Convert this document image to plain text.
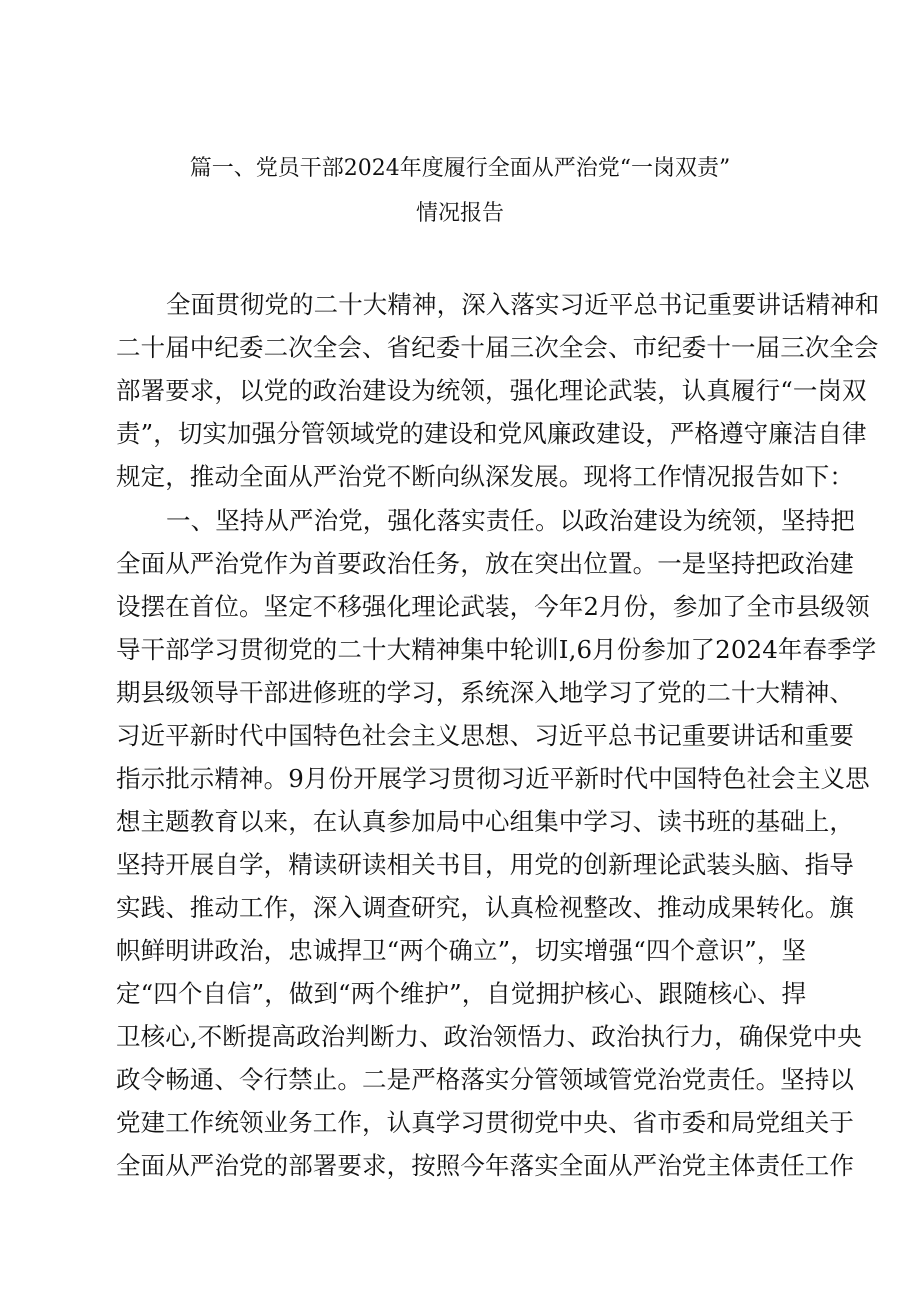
篇一、党员干部2024年度履行全面从严治党“一岗双责”
情况报告
全面贯彻党的二十大精神，深入落实习近平总书记重要讲话精神和
二十届中纪委二次全会、省纪委十届三次全会、市纪委十一届三次全会
部署要求，以党的政治建设为统领，强化理论武装，认真履行“一岗双
责”，切实加强分管领域党的建设和党风廉政建设，严格遵守廉洁自律
规定，推动全面从严治党不断向纵深发展。现将工作情况报告如下：
一、坚持从严治党，强化落实责任。以政治建设为统领，坚持把
全面从严治党作为首要政治任务，放在突出位置。一是坚持把政治建
设摆在首位。坚定不移强化理论武装，今年2月份，参加了全市县级领
导干部学习贯彻党的二十大精神集中轮训I,6月份参加了2024年春季学
期县级领导干部进修班的学习，系统深入地学习了党的二十大精神、
习近平新时代中国特色社会主义思想、习近平总书记重要讲话和重要
指示批示精神。9月份开展学习贯彻习近平新时代中国特色社会主义思
想主题教育以来，在认真参加局中心组集中学习、读书班的基础上，
坚持开展自学，精读研读相关书目，用党的创新理论武装头脑、指导
实践、推动工作，深入调查研究，认真检视整改、推动成果转化。旗
帜鲜明讲政治，忠诚捍卫“两个确立”，切实增强“四个意识”，坚
定“四个自信”，做到“两个维护”，自觉拥护核心、跟随核心、捍
卫核心,不断提高政治判断力、政治领悟力、政治执行力，确保党中央
政令畅通、令行禁止。二是严格落实分管领域管党治党责任。坚持以
党建工作统领业务工作，认真学习贯彻党中央、省市委和局党组关于
全面从严治党的部署要求，按照今年落实全面从严治党主体责任工作
